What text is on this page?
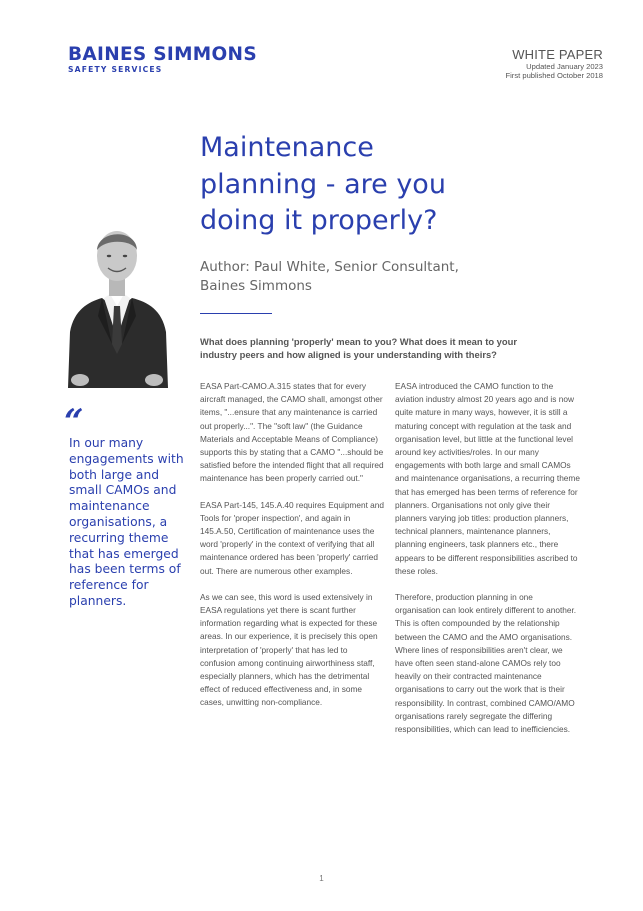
BAINES SIMMONS
SAFETY SERVICES
WHITE PAPER
Updated January 2023
First published October 2018
Maintenance
planning - are you
doing it properly?
Author: Paul White, Senior Consultant,
Baines Simmons
What does planning 'properly' mean to you? What does it mean to your
industry peers and how aligned is your understanding with theirs?
“
In our many engagements with both large and small CAMOs and maintenance organisations, a recurring theme that has emerged has been terms of reference for planners.

EASA Part-CAMO.A.315 states that for every aircraft managed, the CAMO shall, amongst other items, "...ensure that any maintenance is carried out properly...". The "soft law" (the Guidance Materials and Acceptable Means of Compliance) supports this by stating that a CAMO "...should be satisfied before the intended flight that all required maintenance has been properly carried out."

EASA Part-145, 145.A.40 requires Equipment and Tools for 'proper inspection', and again in 145.A.50, Certification of maintenance uses the word 'properly' in the context of verifying that all maintenance ordered has been 'properly' carried out. There are numerous other examples.

As we can see, this word is used extensively in EASA regulations yet there is scant further information regarding what is expected for these areas. In our experience, it is precisely this open interpretation of 'properly' that has led to confusion among continuing airworthiness staff, especially planners, which has the detrimental effect of reduced effectiveness and, in some cases, unwitting non-compliance.

EASA introduced the CAMO function to the aviation industry almost 20 years ago and is now quite mature in many ways, however, it is still a maturing concept with regulation at the task and organisation level, but little at the functional level around key activities/roles. In our many engagements with both large and small CAMOs and maintenance organisations, a recurring theme that has emerged has been terms of reference for planners. Organisations not only give their planners varying job titles: production planners, technical planners, maintenance planners, planning engineers, task planners etc., there appears to be different responsibilities ascribed to these roles.

Therefore, production planning in one organisation can look entirely different to another. This is often compounded by the relationship between the CAMO and the AMO organisations. Where lines of responsibilities aren't clear, we have often seen stand-alone CAMOs rely too heavily on their contracted maintenance organisations to carry out the work that is their responsibility. In contrast, combined CAMO/AMO organisations rarely segregate the differing responsibilities, which can lead to inefficiencies.

1
